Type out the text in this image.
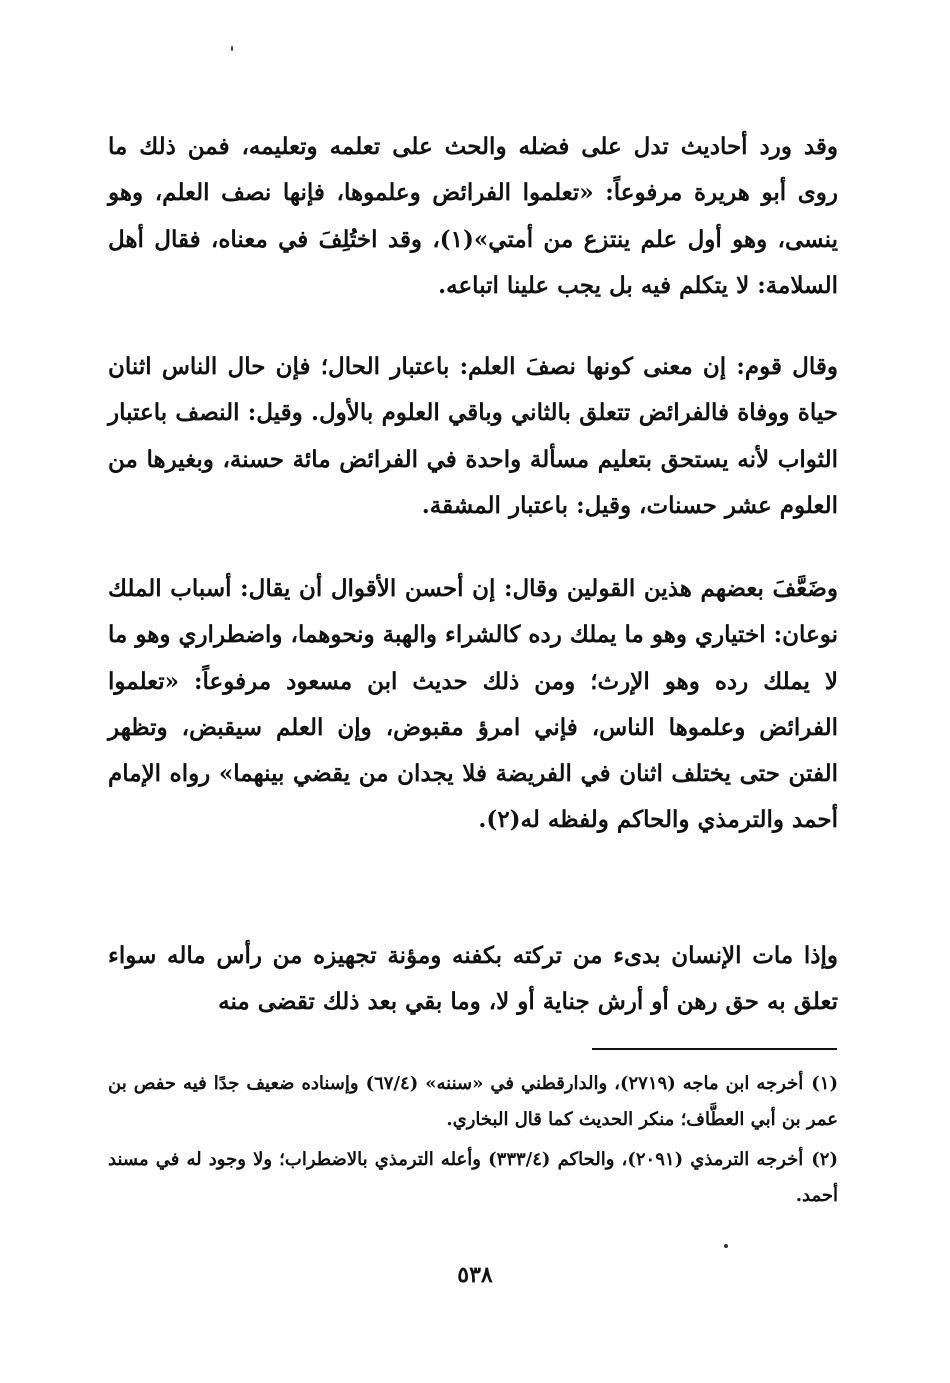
وقد ورد أحاديث تدل على فضله والحث على تعلمه وتعليمه، فمن ذلك ما روى أبو هريرة مرفوعاً: «تعلموا الفرائض وعلموها، فإنها نصف العلم، وهو ينسى، وهو أول علم ينتزع من أمتي»(١)، وقد اختُلِفَ في معناه، فقال أهل السلامة: لا يتكلم فيه بل يجب علينا اتباعه.

وقال قوم: إن معنى كونها نصفَ العلم: باعتبار الحال؛ فإن حال الناس اثنان حياة ووفاة فالفرائض تتعلق بالثاني وباقي العلوم بالأول. وقيل: النصف باعتبار الثواب لأنه يستحق بتعليم مسألة واحدة في الفرائض مائة حسنة، وبغيرها من العلوم عشر حسنات، وقيل: باعتبار المشقة.

وضَعَّفَ بعضهم هذين القولين وقال: إن أحسن الأقوال أن يقال: أسباب الملك نوعان: اختياري وهو ما يملك رده كالشراء والهبة ونحوهما، واضطراري وهو ما لا يملك رده وهو الإرث؛ ومن ذلك حديث ابن مسعود مرفوعاً: «تعلموا الفرائض وعلموها الناس، فإني امرؤ مقبوض، وإن العلم سيقبض، وتظهر الفتن حتى يختلف اثنان في الفريضة فلا يجدان من يقضي بينهما» رواه الإمام أحمد والترمذي والحاكم ولفظه له(٢).

وإذا مات الإنسان بدىء من تركته بكفنه ومؤنة تجهيزه من رأس ماله سواء تعلق به حق رهن أو أرش جناية أو لا، وما بقي بعد ذلك تقضى منه

(١)أخرجه ابن ماجه (٢٧١٩)، والدارقطني في «سننه» (٦٧/٤) وإسناده ضعيف جدًا فيه حفص بن عمر بن أبي العطَّاف؛ منكر الحديث كما قال البخاري.

(٢)أخرجه الترمذي (٢٠٩١)، والحاكم (٣٣٣/٤) وأعله الترمذي بالاضطراب؛ ولا وجود له في مسند أحمد.

٥٣٨
